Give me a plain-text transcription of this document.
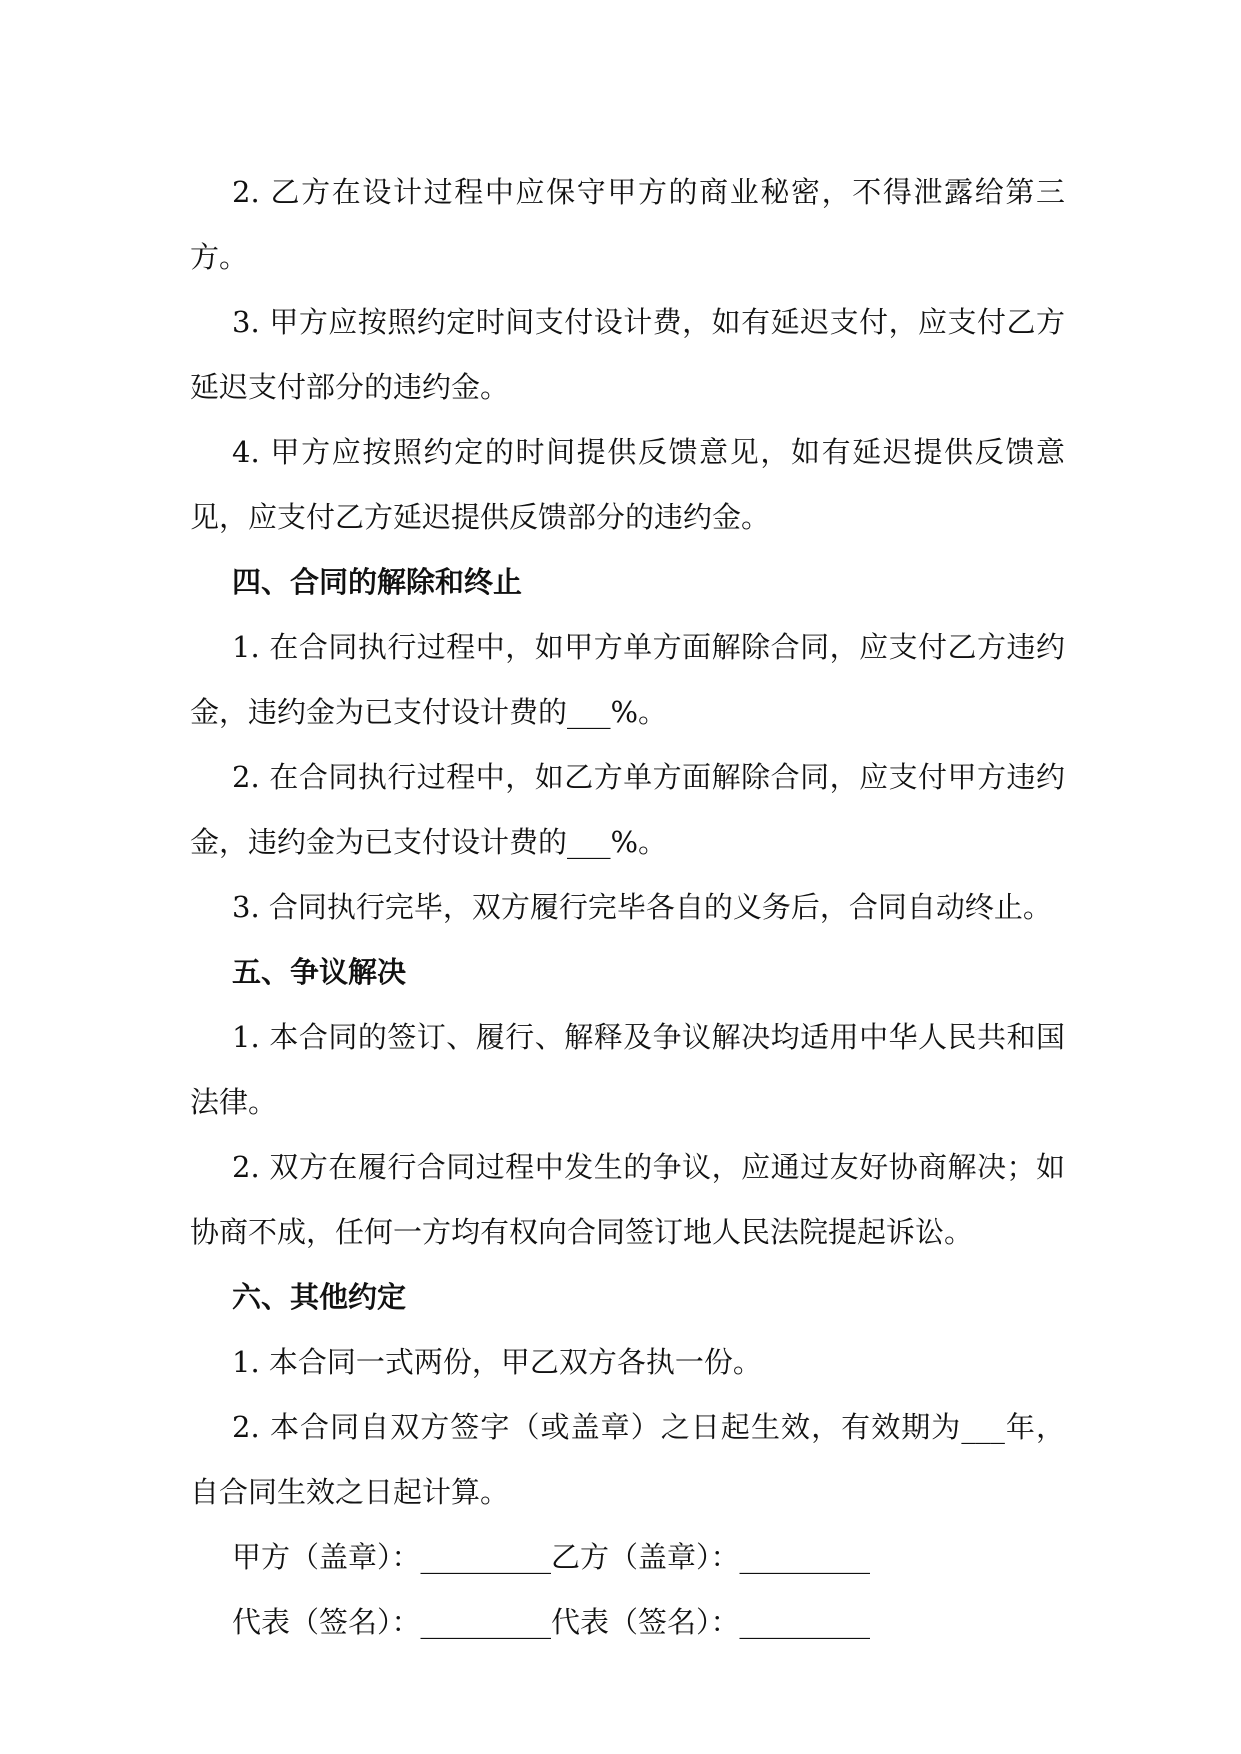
2. 乙方在设计过程中应保守甲方的商业秘密，不得泄露给第三方。

3. 甲方应按照约定时间支付设计费，如有延迟支付，应支付乙方延迟支付部分的违约金。

4. 甲方应按照约定的时间提供反馈意见，如有延迟提供反馈意见，应支付乙方延迟提供反馈部分的违约金。

四、合同的解除和终止

1. 在合同执行过程中，如甲方单方面解除合同，应支付乙方违约金，违约金为已支付设计费的___%。

2. 在合同执行过程中，如乙方单方面解除合同，应支付甲方违约金，违约金为已支付设计费的___%。

3. 合同执行完毕，双方履行完毕各自的义务后，合同自动终止。

五、争议解决

1. 本合同的签订、履行、解释及争议解决均适用中华人民共和国法律。

2. 双方在履行合同过程中发生的争议，应通过友好协商解决；如协商不成，任何一方均有权向合同签订地人民法院提起诉讼。

六、其他约定

1. 本合同一式两份，甲乙双方各执一份。

2. 本合同自双方签字（或盖章）之日起生效，有效期为___年，自合同生效之日起计算。

甲方（盖章）：_________乙方（盖章）：_________
代表（签名）：_________代表（签名）：_________
